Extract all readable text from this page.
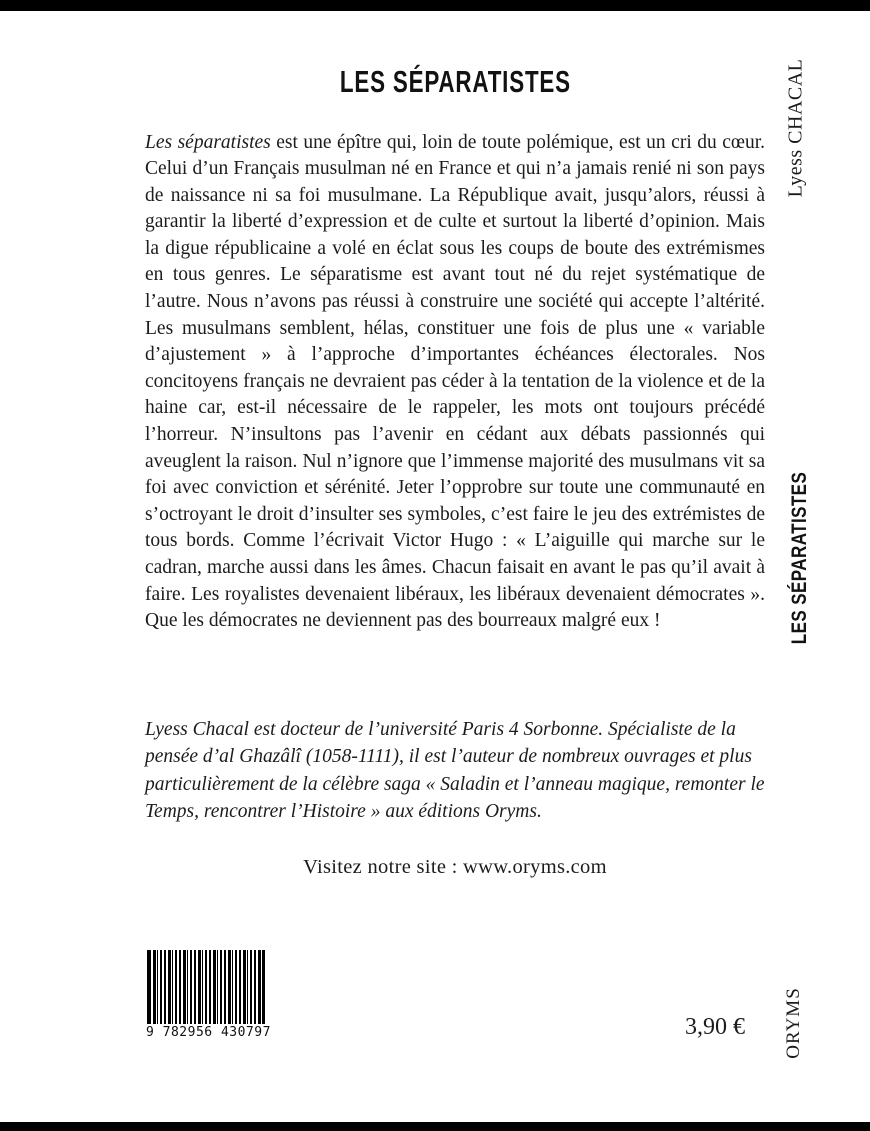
LES SÉPARATISTES

Les séparatistes est une épître qui, loin de toute polémique, est un cri du cœur. Celui d’un Français musulman né en France et qui n’a jamais renié ni son pays de naissance ni sa foi musulmane. La République avait, jusqu’alors, réussi à garantir la liberté d’expression et de culte et surtout la liberté d’opinion. Mais la digue républicaine a volé en éclat sous les coups de boute des extrémismes en tous genres. Le séparatisme est avant tout né du rejet systématique de l’autre. Nous n’avons pas réussi à construire une société qui accepte l’altérité. Les musulmans semblent, hélas, constituer une fois de plus une « variable d’ajustement » à l’approche d’importantes échéances électorales. Nos concitoyens français ne devraient pas céder à la tentation de la violence et de la haine car, est-il nécessaire de le rappeler, les mots ont toujours précédé l’horreur. N’insultons pas l’avenir en cédant aux débats passionnés qui aveuglent la raison. Nul n’ignore que l’immense majorité des musulmans vit sa foi avec conviction et sérénité. Jeter l’opprobre sur toute une communauté en s’octroyant le droit d’insulter ses symboles, c’est faire le jeu des extrémistes de tous bords. Comme l’écrivait Victor Hugo : « L’aiguille qui marche sur le cadran, marche aussi dans les âmes. Chacun faisait en avant le pas qu’il avait à faire. Les royalistes devenaient libéraux, les libéraux devenaient démocrates ». Que les démocrates ne deviennent pas des bourreaux malgré eux !

Lyess Chacal est docteur de l’université Paris 4 Sorbonne. Spécialiste de la pensée d’al Ghazâlî (1058-1111), il est l’auteur de nombreux ouvrages et plus particulièrement de la célèbre saga « Saladin et l’anneau magique, remonter le Temps, rencontrer l’Histoire » aux éditions Oryms.

Visitez notre site : www.oryms.com
9 782956 430797	3,90 €
Lyess CHACAL
LES SÉPARATISTES
ORYMS
